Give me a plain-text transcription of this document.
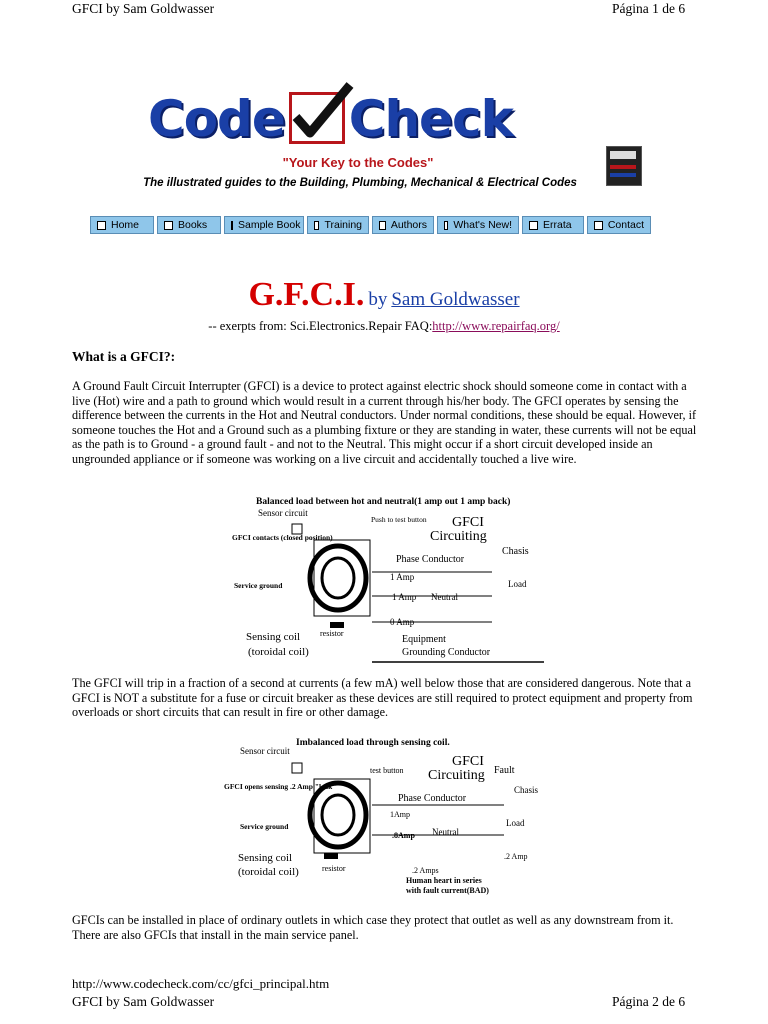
GFCI by Sam Goldwasser	Página 1 de 6
Code Check
"Your Key to the Codes"
The illustrated guides to the Building, Plumbing, Mechanical & Electrical Codes
Home	Books	Sample Book Training	Authors	What's New!	Errata	Contact
G.F.C.I. by Sam Goldwasser
-- exerpts from: Sci.Electronics.Repair FAQ:http://www.repairfaq.org/
What is a GFCI?:
A Ground Fault Circuit Interrupter (GFCI) is a device to protect against electric shock should someone come in contact with a live (Hot) wire and a path to ground which would result in a current through his/her body. The GFCI operates by sensing the difference between the currents in the Hot and Neutral conductors. Under normal conditions, these should be equal. However, if someone touches the Hot and a Ground such as a plumbing fixture or they are standing in water, these currents will not be equal as the path is to Ground - a ground fault - and not to the Neutral. This might occur if a short circuit developed inside an ungrounded appliance or if someone was working on a live circuit and accidentally touched a live wire.
Balanced load between hot and neutral(1 amp out 1 amp back)
Sensor circuit
Push to test button GFCI
Circuiting
Chasis
GFCI contacts (closed position)
Service ground
Phase Conductor
1 Amp
Load
1 Amp Neutral
resistor
0 Amp
Sensing coil
(toroidal coil)
Equipment
Grounding Conductor
The GFCI will trip in a fraction of a second at currents (a few mA) well below those that are considered dangerous. Note that a GFCI is NOT a substitute for a fuse or circuit breaker as these devices are still required to protect equipment and property from overloads or short circuits that can result in fire or other damage.
Imbalanced load through sensing coil.
Sensor circuit
test button
GFCI
Circuiting Fault
Chasis
GFCI opens sensing .2 Amp "leak"
Service ground
Phase Conductor
1Amp
Load
.8Amp Neutral
.2 Amp
resistor	.2 Amps
Sensing coil
(toroidal coil)
Human heart in series
with fault current(BAD)
GFCIs can be installed in place of ordinary outlets in which case they protect that outlet as well as any downstream from it. There are also GFCIs that install in the main service panel.
http://www.codecheck.com/cc/gfci_principal.htm
GFCI by Sam Goldwasser	Página 2 de 6
